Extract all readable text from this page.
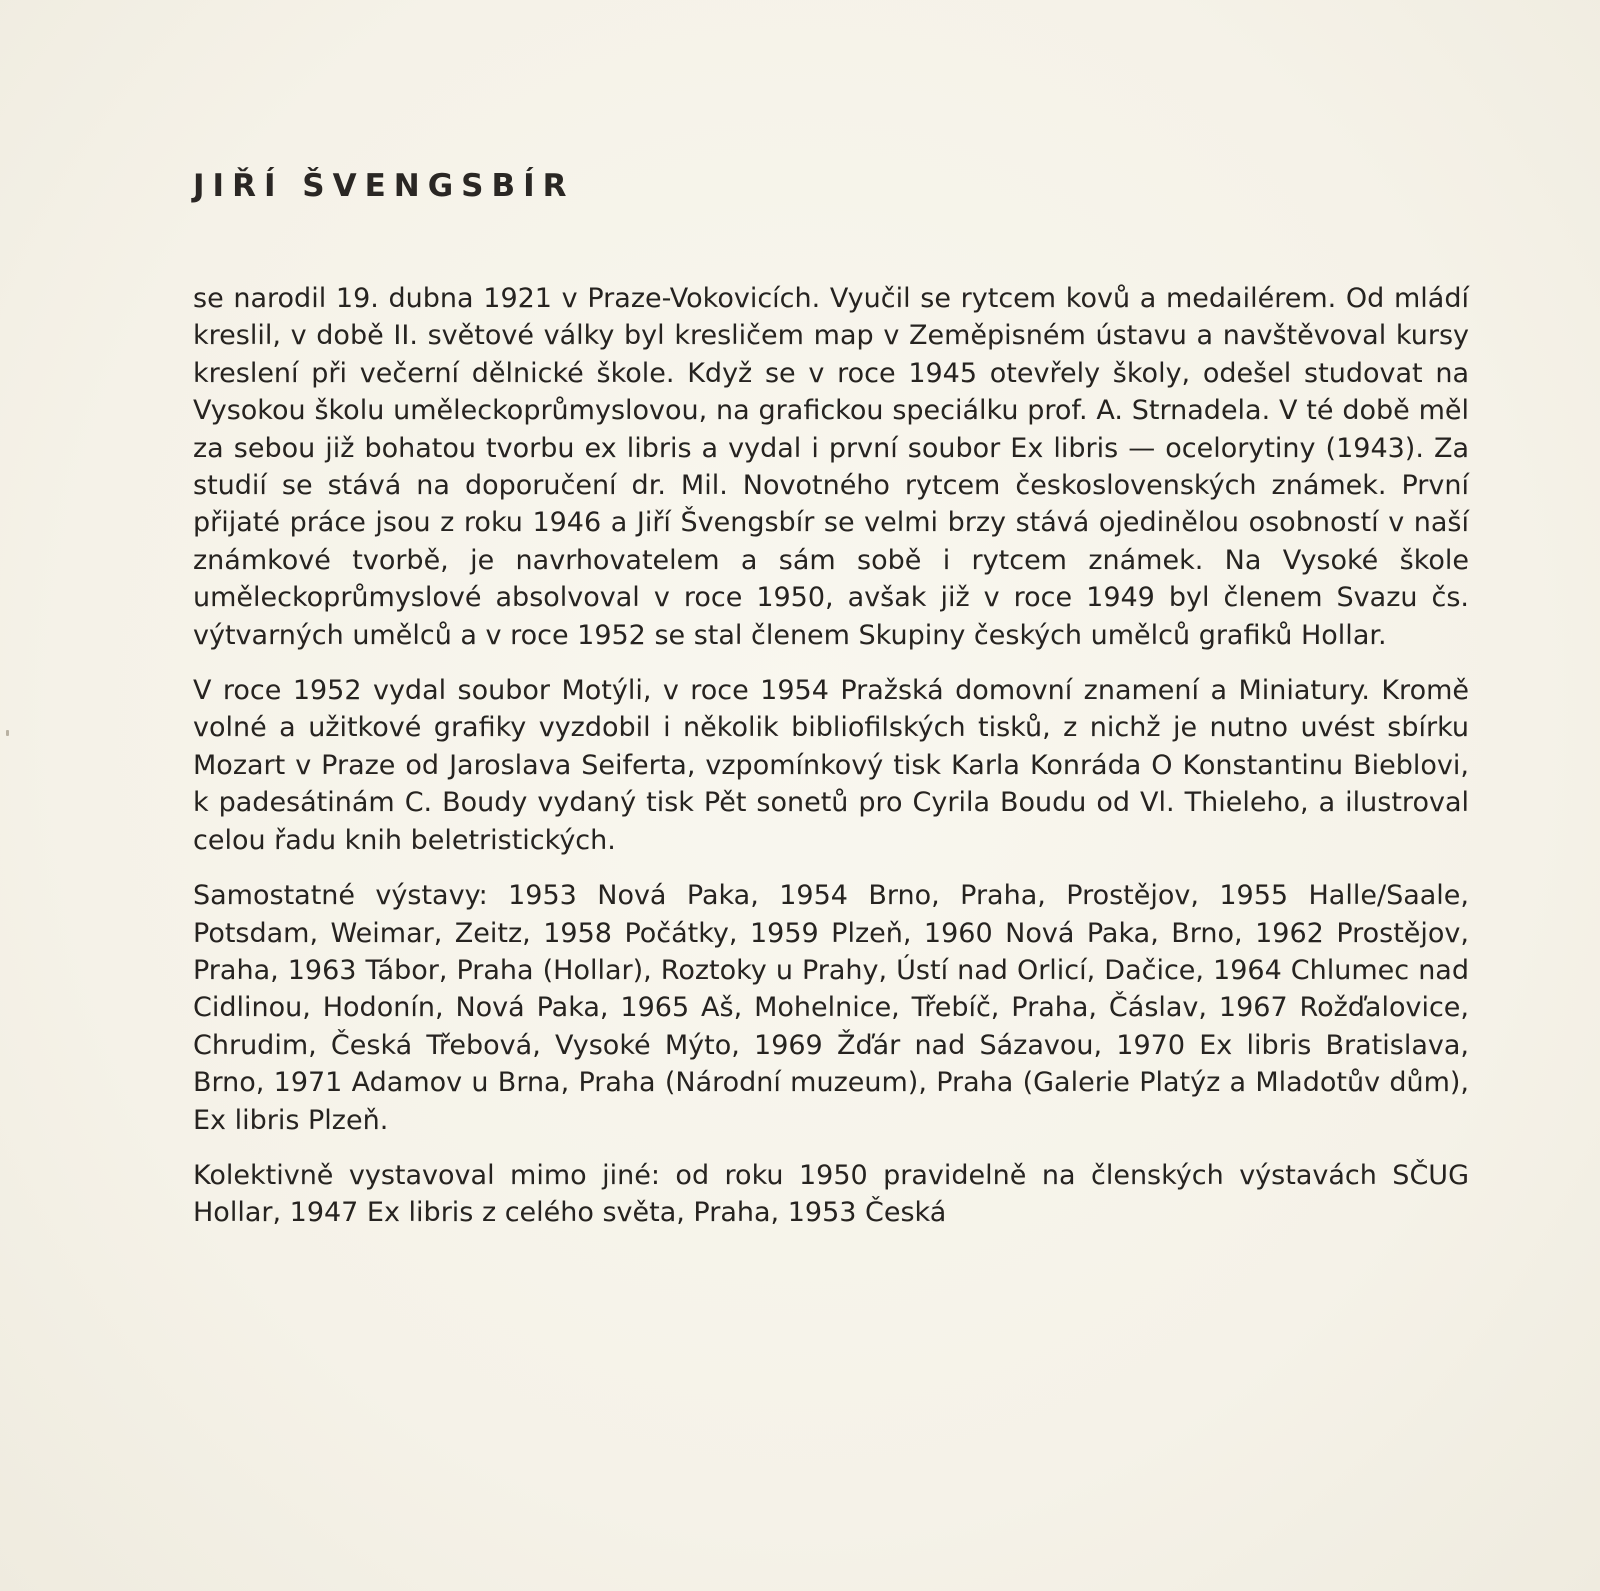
JIŘÍ ŠVENGSBÍR

se narodil 19. dubna 1921 v Praze-Vokovicích. Vyučil se rytcem kovů a medailérem. Od mládí kreslil, v době II. světové války byl kresličem map v Zeměpisném ústavu a navštěvoval kursy kreslení při večerní dělnické škole. Když se v roce 1945 otevřely školy, odešel studovat na Vysokou školu uměleckoprůmyslovou, na grafickou speciálku prof. A. Strnadela. V té době měl za sebou již bohatou tvorbu ex libris a vydal i první soubor Ex libris — ocelorytiny (1943). Za studií se stává na doporučení dr. Mil. Novotného rytcem československých známek. První přijaté práce jsou z roku 1946 a Jiří Švengsbír se velmi brzy stává ojedinělou osobností v naší známkové tvorbě, je navrhovatelem a sám sobě i rytcem známek. Na Vysoké škole uměleckoprůmyslové absolvoval v roce 1950, avšak již v roce 1949 byl členem Svazu čs. výtvarných umělců a v roce 1952 se stal členem Skupiny českých umělců grafiků Hollar.

V roce 1952 vydal soubor Motýli, v roce 1954 Pražská domovní znamení a Miniatury. Kromě volné a užitkové grafiky vyzdobil i několik bibliofilských tisků, z nichž je nutno uvést sbírku Mozart v Praze od Jaroslava Seiferta, vzpomínkový tisk Karla Konráda O Konstantinu Bieblovi, k padesátinám C. Boudy vydaný tisk Pět sonetů pro Cyrila Boudu od Vl. Thieleho, a ilustroval celou řadu knih beletristických.

Samostatné výstavy: 1953 Nová Paka, 1954 Brno, Praha, Prostějov, 1955 Halle/Saale, Potsdam, Weimar, Zeitz, 1958 Počátky, 1959 Plzeň, 1960 Nová Paka, Brno, 1962 Prostějov, Praha, 1963 Tábor, Praha (Hollar), Roztoky u Prahy, Ústí nad Orlicí, Dačice, 1964 Chlumec nad Cidlinou, Hodonín, Nová Paka, 1965 Aš, Mohelnice, Třebíč, Praha, Čáslav, 1967 Rožďalovice, Chrudim, Česká Třebová, Vysoké Mýto, 1969 Žďár nad Sázavou, 1970 Ex libris Bratislava, Brno, 1971 Adamov u Brna, Praha (Národní muzeum), Praha (Galerie Platýz a Mladotův dům), Ex libris Plzeň.

Kolektivně vystavoval mimo jiné: od roku 1950 pravidelně na členských výstavách SČUG Hollar, 1947 Ex libris z celého světa, Praha, 1953 Česká
